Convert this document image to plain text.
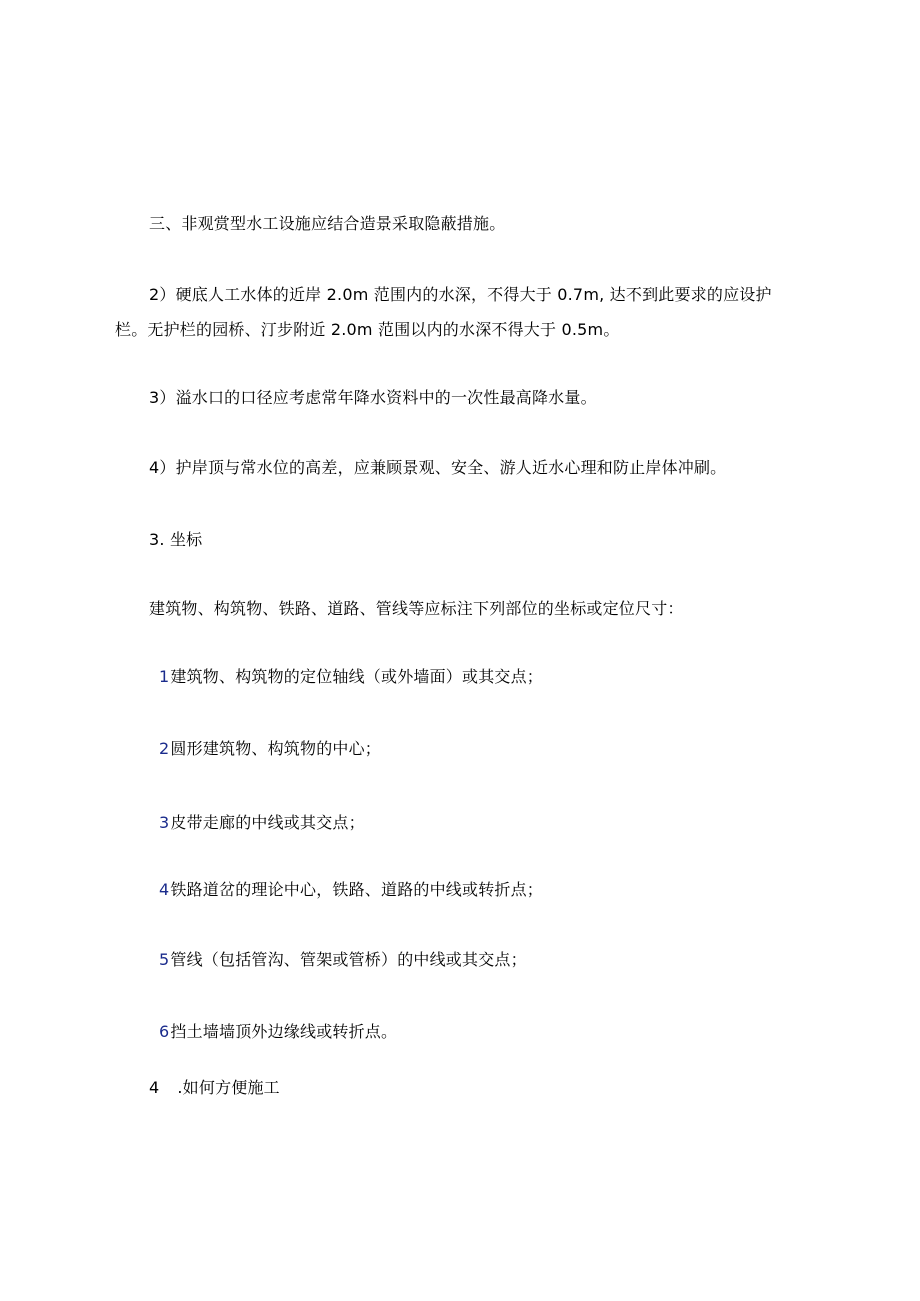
三、非观赏型水工设施应结合造景采取隐蔽措施。
2）硬底人工水体的近岸 2.0m 范围内的水深，不得大于 0.7m, 达不到此要求的应设护
栏。无护栏的园桥、汀步附近 2.0m 范围以内的水深不得大于 0.5m。
3）溢水口的口径应考虑常年降水资料中的一次性最高降水量。
4）护岸顶与常水位的高差，应兼顾景观、安全、游人近水心理和防止岸体冲刷。
3. 坐标
建筑物、构筑物、铁路、道路、管线等应标注下列部位的坐标或定位尺寸：
1建筑物、构筑物的定位轴线（或外墙面）或其交点；
2圆形建筑物、构筑物的中心；
3皮带走廊的中线或其交点；
4铁路道岔的理论中心，铁路、道路的中线或转折点；
5管线（包括管沟、管架或管桥）的中线或其交点；
6挡土墙墙顶外边缘线或转折点。
4 .如何方便施工
